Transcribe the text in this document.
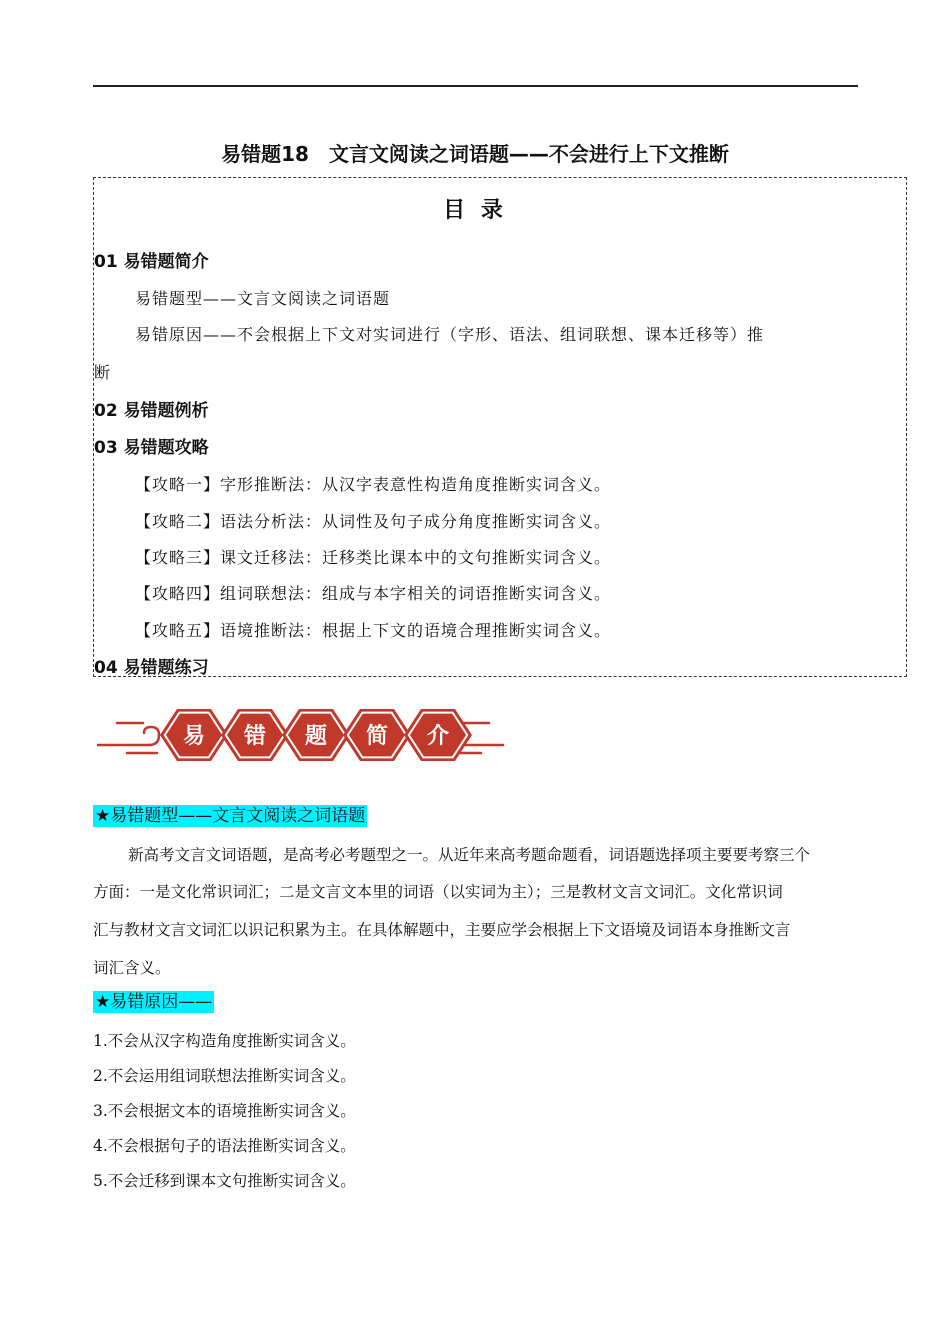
易错题18　文言文阅读之词语题——不会进行上下文推断
目 录
01 易错题简介
易错题型——文言文阅读之词语题
易错原因——不会根据上下文对实词进行（字形、语法、组词联想、课本迁移等）推
断
02 易错题例析
03 易错题攻略
【攻略一】字形推断法：从汉字表意性构造角度推断实词含义。
【攻略二】语法分析法：从词性及句子成分角度推断实词含义。
【攻略三】课文迁移法：迁移类比课本中的文句推断实词含义。
【攻略四】组词联想法：组成与本字相关的词语推断实词含义。
【攻略五】语境推断法：根据上下文的语境合理推断实词含义。
04 易错题练习
易 错 题 简 介
★易错题型——文言文阅读之词语题
新高考文言文词语题，是高考必考题型之一。从近年来高考题命题看，词语题选择项主要要考察三个
方面：一是文化常识词汇；二是文言文本里的词语（以实词为主）；三是教材文言文词汇。文化常识词
汇与教材文言文词汇以识记积累为主。在具体解题中，主要应学会根据上下文语境及词语本身推断文言
词汇含义。
★易错原因——
1.不会从汉字构造角度推断实词含义。
2.不会运用组词联想法推断实词含义。
3.不会根据文本的语境推断实词含义。
4.不会根据句子的语法推断实词含义。
5.不会迁移到课本文句推断实词含义。
